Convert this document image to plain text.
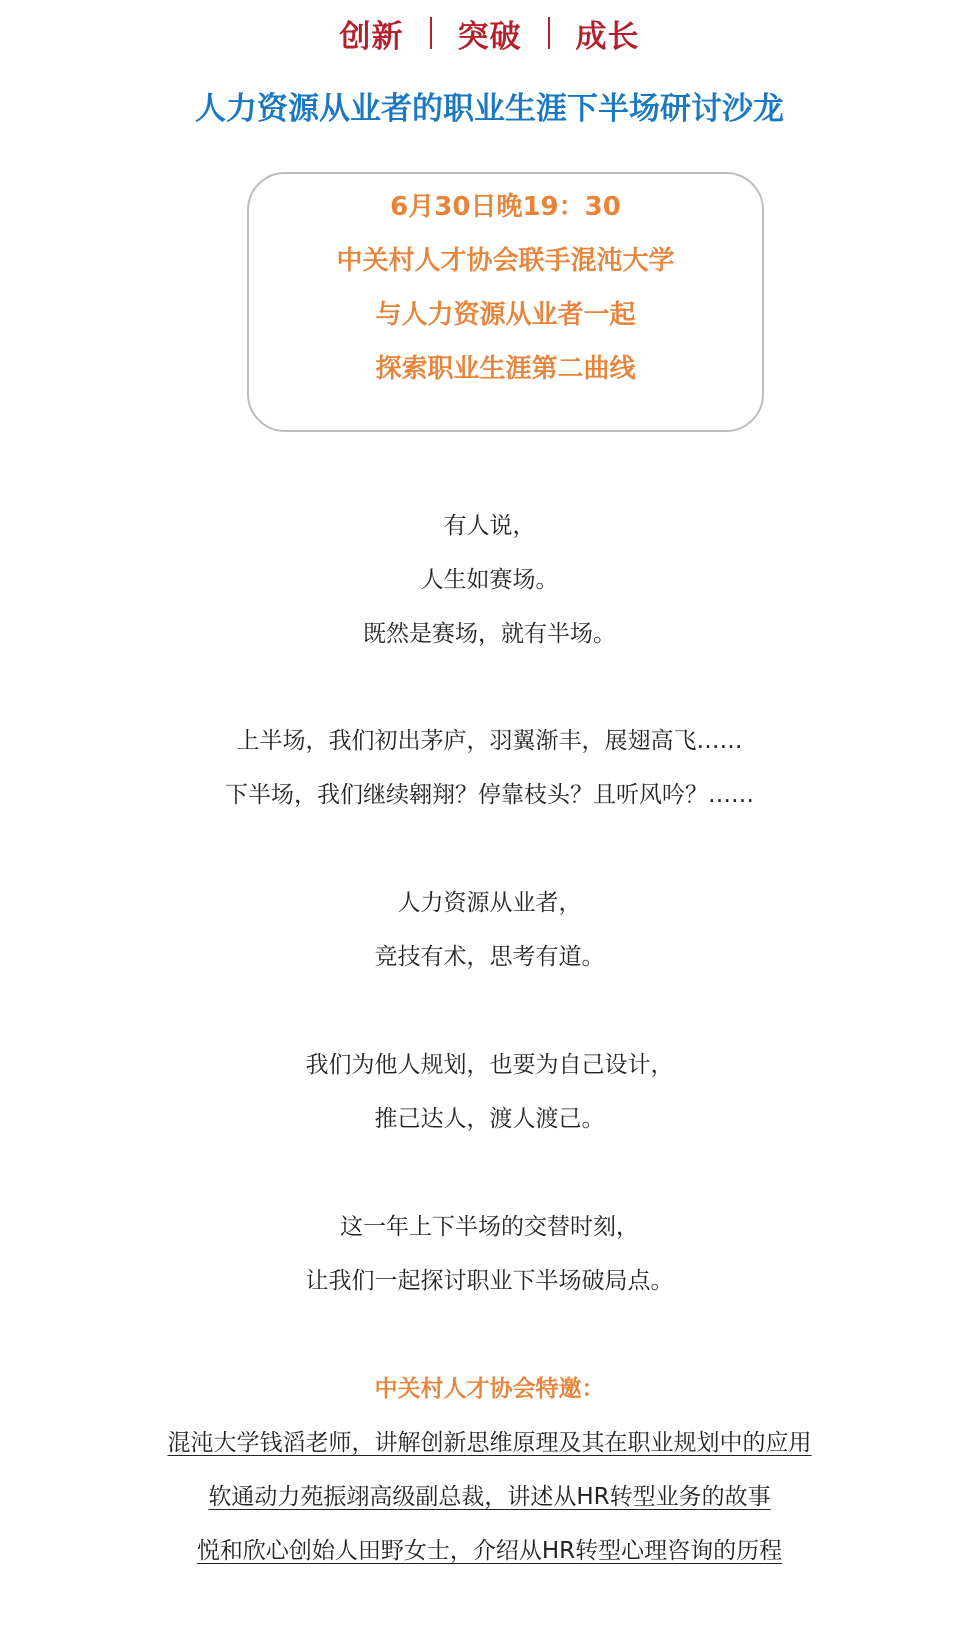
创新 突破 成长
人力资源从业者的职业生涯下半场研讨沙龙
6月30日晚19：30
中关村人才协会联手混沌大学
与人力资源从业者一起
探索职业生涯第二曲线
有人说，
人生如赛场。
既然是赛场，就有半场。
上半场，我们初出茅庐，羽翼渐丰，展翅高飞……
下半场，我们继续翱翔？停靠枝头？且听风吟？……
人力资源从业者，
竞技有术，思考有道。
我们为他人规划，也要为自己设计，
推己达人，渡人渡己。
这一年上下半场的交替时刻，
让我们一起探讨职业下半场破局点。
中关村人才协会特邀：
混沌大学钱滔老师，讲解创新思维原理及其在职业规划中的应用
软通动力苑振翊高级副总裁，讲述从HR转型业务的故事
悦和欣心创始人田野女士，介绍从HR转型心理咨询的历程
